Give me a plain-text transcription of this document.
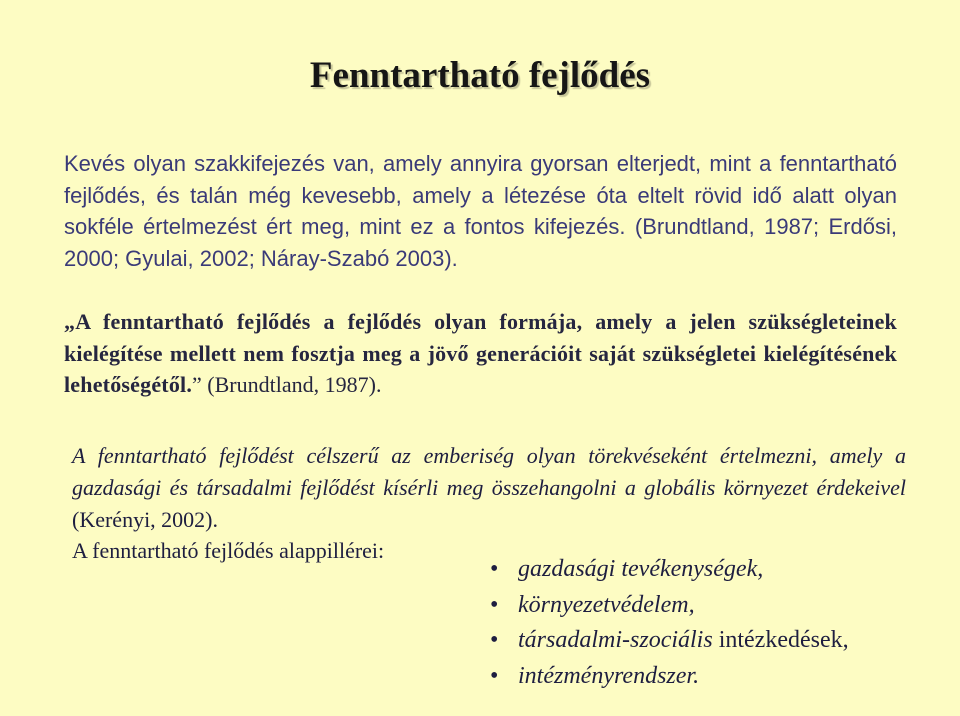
Fenntartható fejlődés
Kevés olyan szakkifejezés van, amely annyira gyorsan elterjedt, mint a fenntartható fejlődés, és talán még kevesebb, amely a létezése óta eltelt rövid idő alatt olyan sokféle értelmezést ért meg, mint ez a fontos kifejezés. (Brundtland, 1987; Erdősi, 2000; Gyulai, 2002; Náray-Szabó 2003).
„A fenntartható fejlődés a fejlődés olyan formája, amely a jelen szükségleteinek kielégítése mellett nem fosztja meg a jövő generációit saját szükségletei kielégítésének lehetőségétől.” (Brundtland, 1987).
A fenntartható fejlődést célszerű az emberiség olyan törekvéseként értelmezni, amely a gazdasági és társadalmi fejlődést kísérli meg összehangolni a globális környezet érdekeivel (Kerényi, 2002).
A fenntartható fejlődés alappillérei:
• gazdasági tevékenységek,
• környezetvédelem,
• társadalmi-szociális intézkedések,
• intézményrendszer.
